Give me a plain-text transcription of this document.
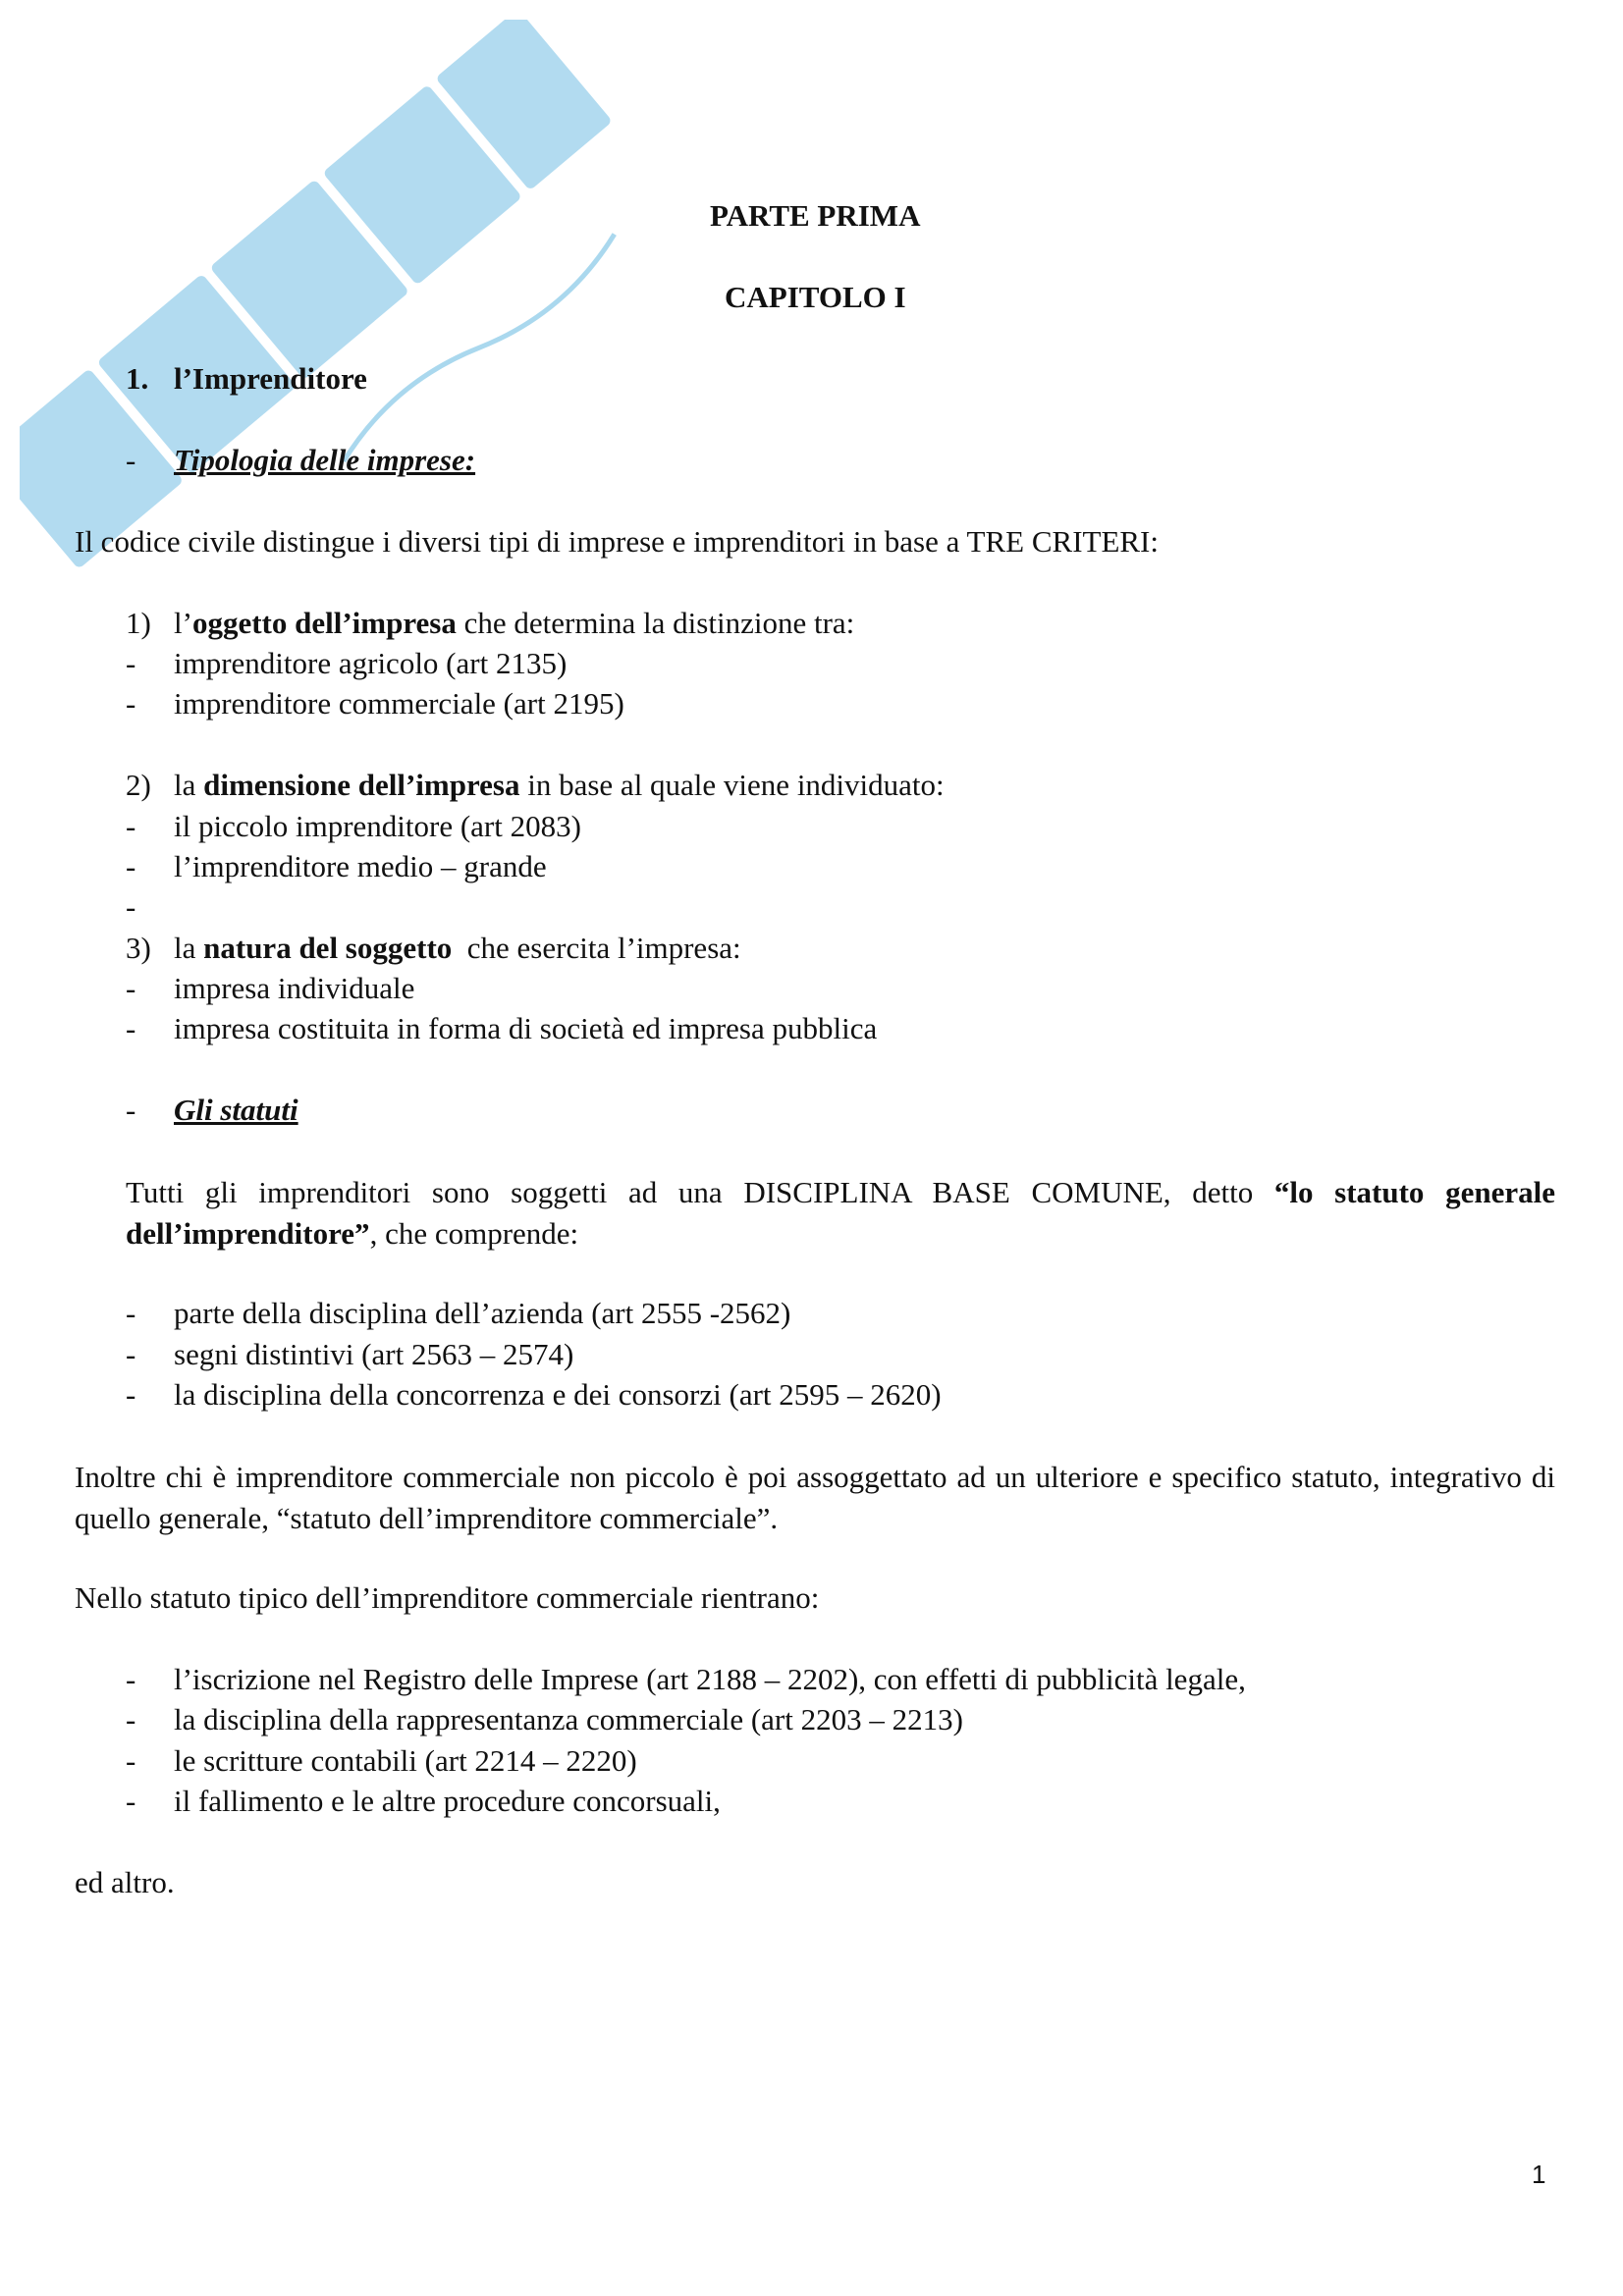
PARTE PRIMA
CAPITOLO I
1. l’Imprenditore
- Tipologia delle imprese:
Il codice civile distingue i diversi tipi di imprese e imprenditori in base a TRE CRITERI:
1) l’oggetto dell’impresa che determina la distinzione tra:
- imprenditore agricolo (art 2135)
- imprenditore commerciale (art 2195)
2) la dimensione dell’impresa in base al quale viene individuato:
- il piccolo imprenditore (art 2083)
- l’imprenditore medio – grande
-
3) la natura del soggetto  che esercita l’impresa:
- impresa individuale
- impresa costituita in forma di società ed impresa pubblica
- Gli statuti
Tutti gli imprenditori sono soggetti ad una DISCIPLINA BASE COMUNE, detto “lo statuto generale dell’imprenditore”, che comprende:
- parte della disciplina dell’azienda (art 2555 -2562)
- segni distintivi (art 2563 – 2574)
- la disciplina della concorrenza e dei consorzi (art 2595 – 2620)
Inoltre chi è imprenditore commerciale non piccolo è poi assoggettato ad un ulteriore e specifico statuto, integrativo di quello generale, “statuto dell’imprenditore commerciale”.
Nello statuto tipico dell’imprenditore commerciale rientrano:
- l’iscrizione nel Registro delle Imprese (art 2188 – 2202), con effetti di pubblicità legale,
- la disciplina della rappresentanza commerciale (art 2203 – 2213)
- le scritture contabili (art 2214 – 2220)
- il fallimento e le altre procedure concorsuali,
ed altro.
1
